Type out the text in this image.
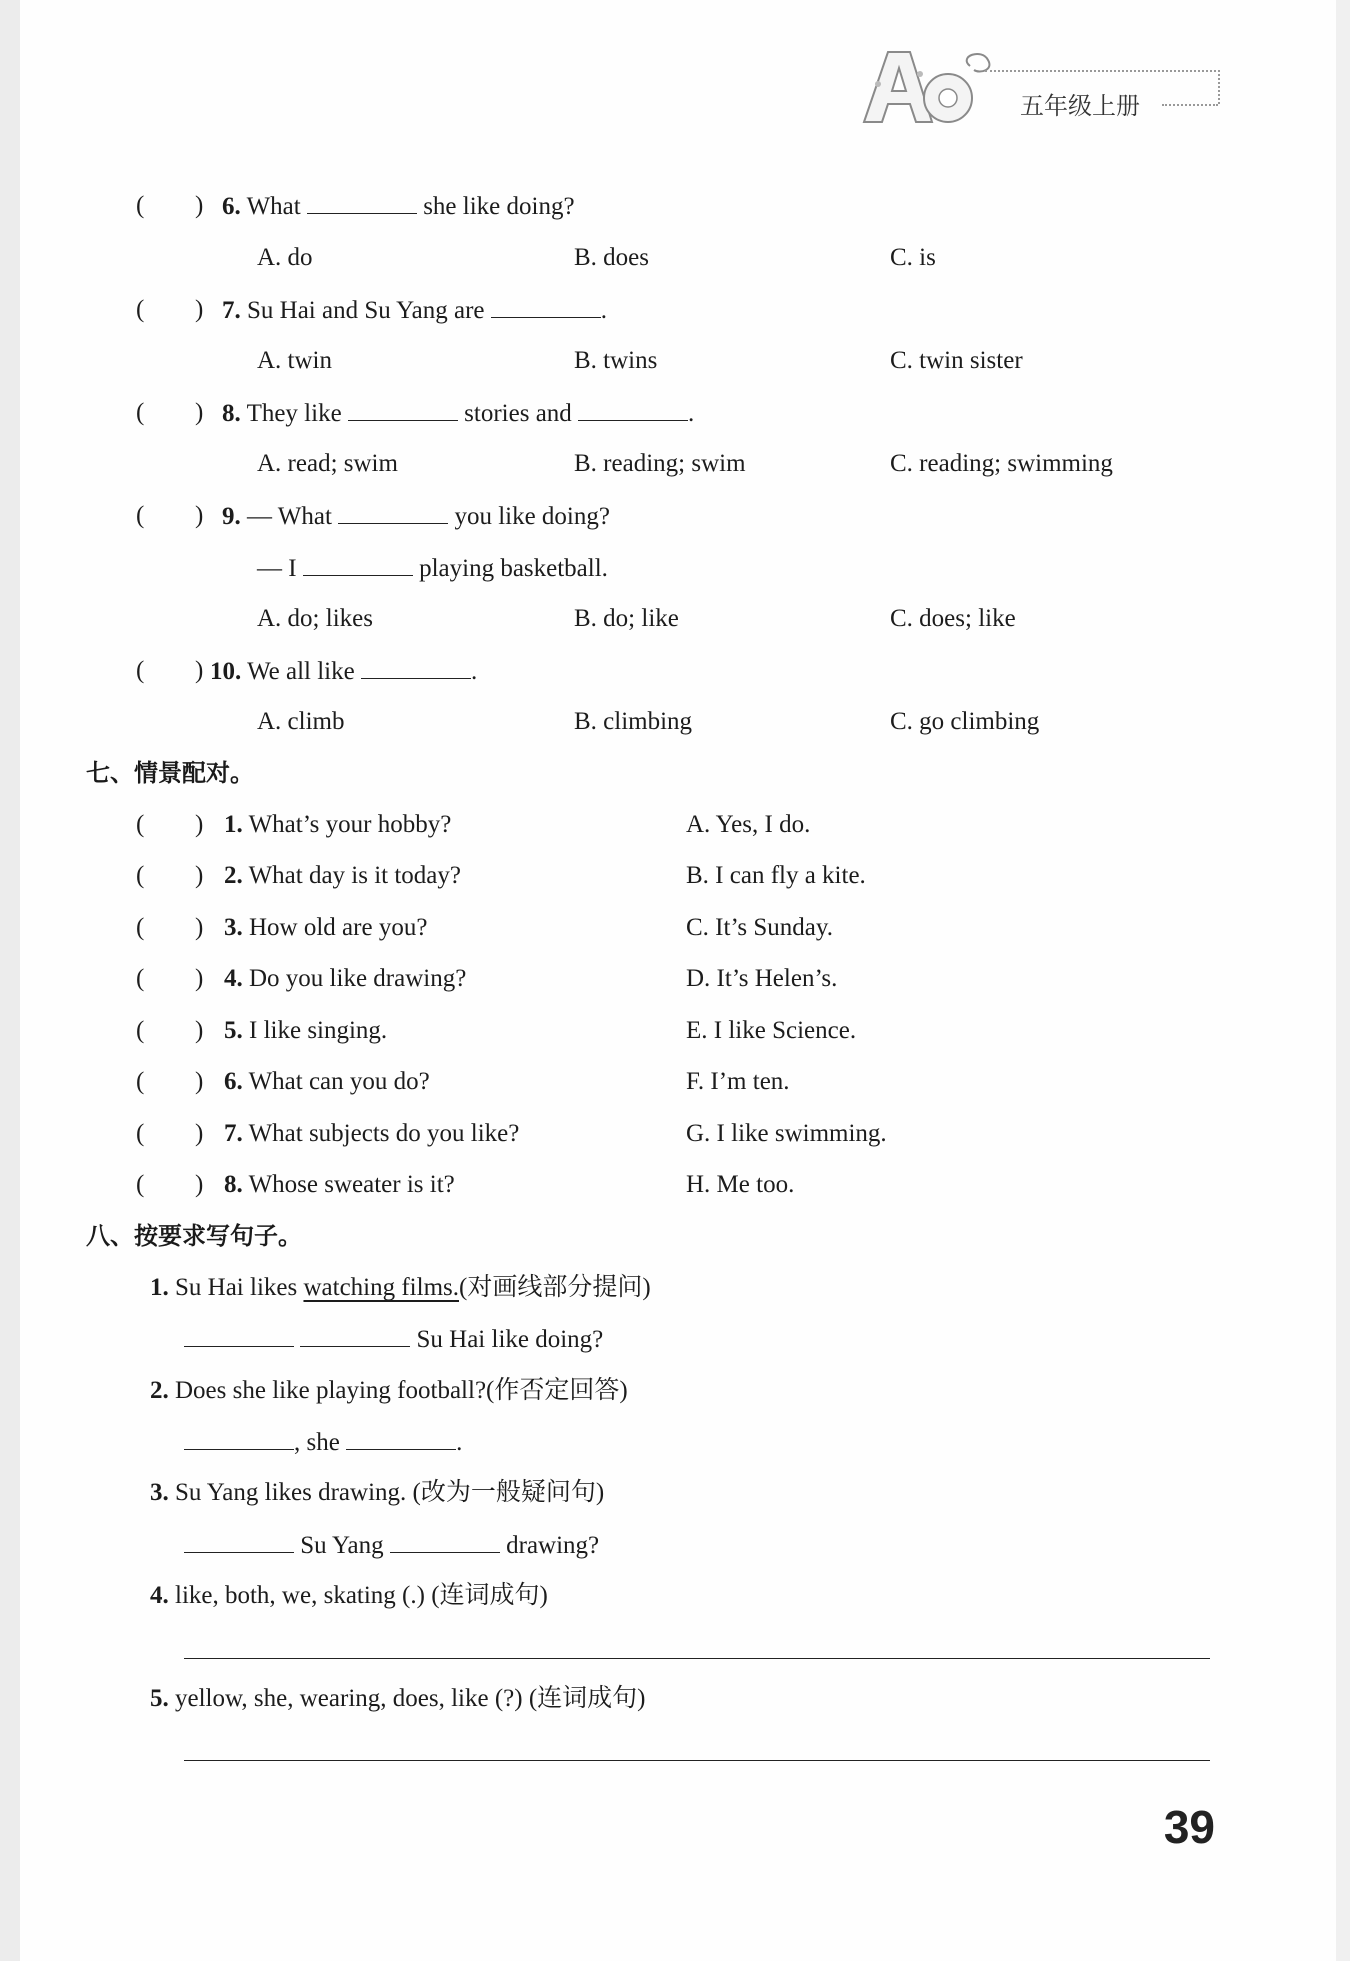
五年级上册
( ) 6. What	she like doing?
A. do	B. does	C. is
( ) 7. Su Hai and Su Yang are	.
A. twin	B. twins	C. twin sister
( ) 8. They like	stories and	.
A. read; swim	B. reading; swim	C. reading; swimming
( ) 9. — What	you like doing?
— I	playing basketball.
A. do; likes	B. do; like	C. does; like
( ) 10. We all like	.
A. climb	B. climbing	C. go climbing
七、情景配对。
( ) 1. What’s your hobby?	A. Yes, I do.
( ) 2. What day is it today?	B. I can fly a kite.
( ) 3. How old are you?	C. It’s Sunday.
( ) 4. Do you like drawing?	D. It’s Helen’s.
( ) 5. I like singing.	E. I like Science.
( ) 6. What can you do?	F. I’m ten.
( ) 7. What subjects do you like?	G. I like swimming.
( ) 8. Whose sweater is it?	H. Me too.
八、按要求写句子。
1. Su Hai likes watching films.(对画线部分提问)
Su Hai like doing?
2. Does she like playing football?(作否定回答)
, she	.
3. Su Yang likes drawing. (改为一般疑问句)
Su Yang	drawing?
4. like, both, we, skating (.) (连词成句)
5. yellow, she, wearing, does, like (?) (连词成句)
39
